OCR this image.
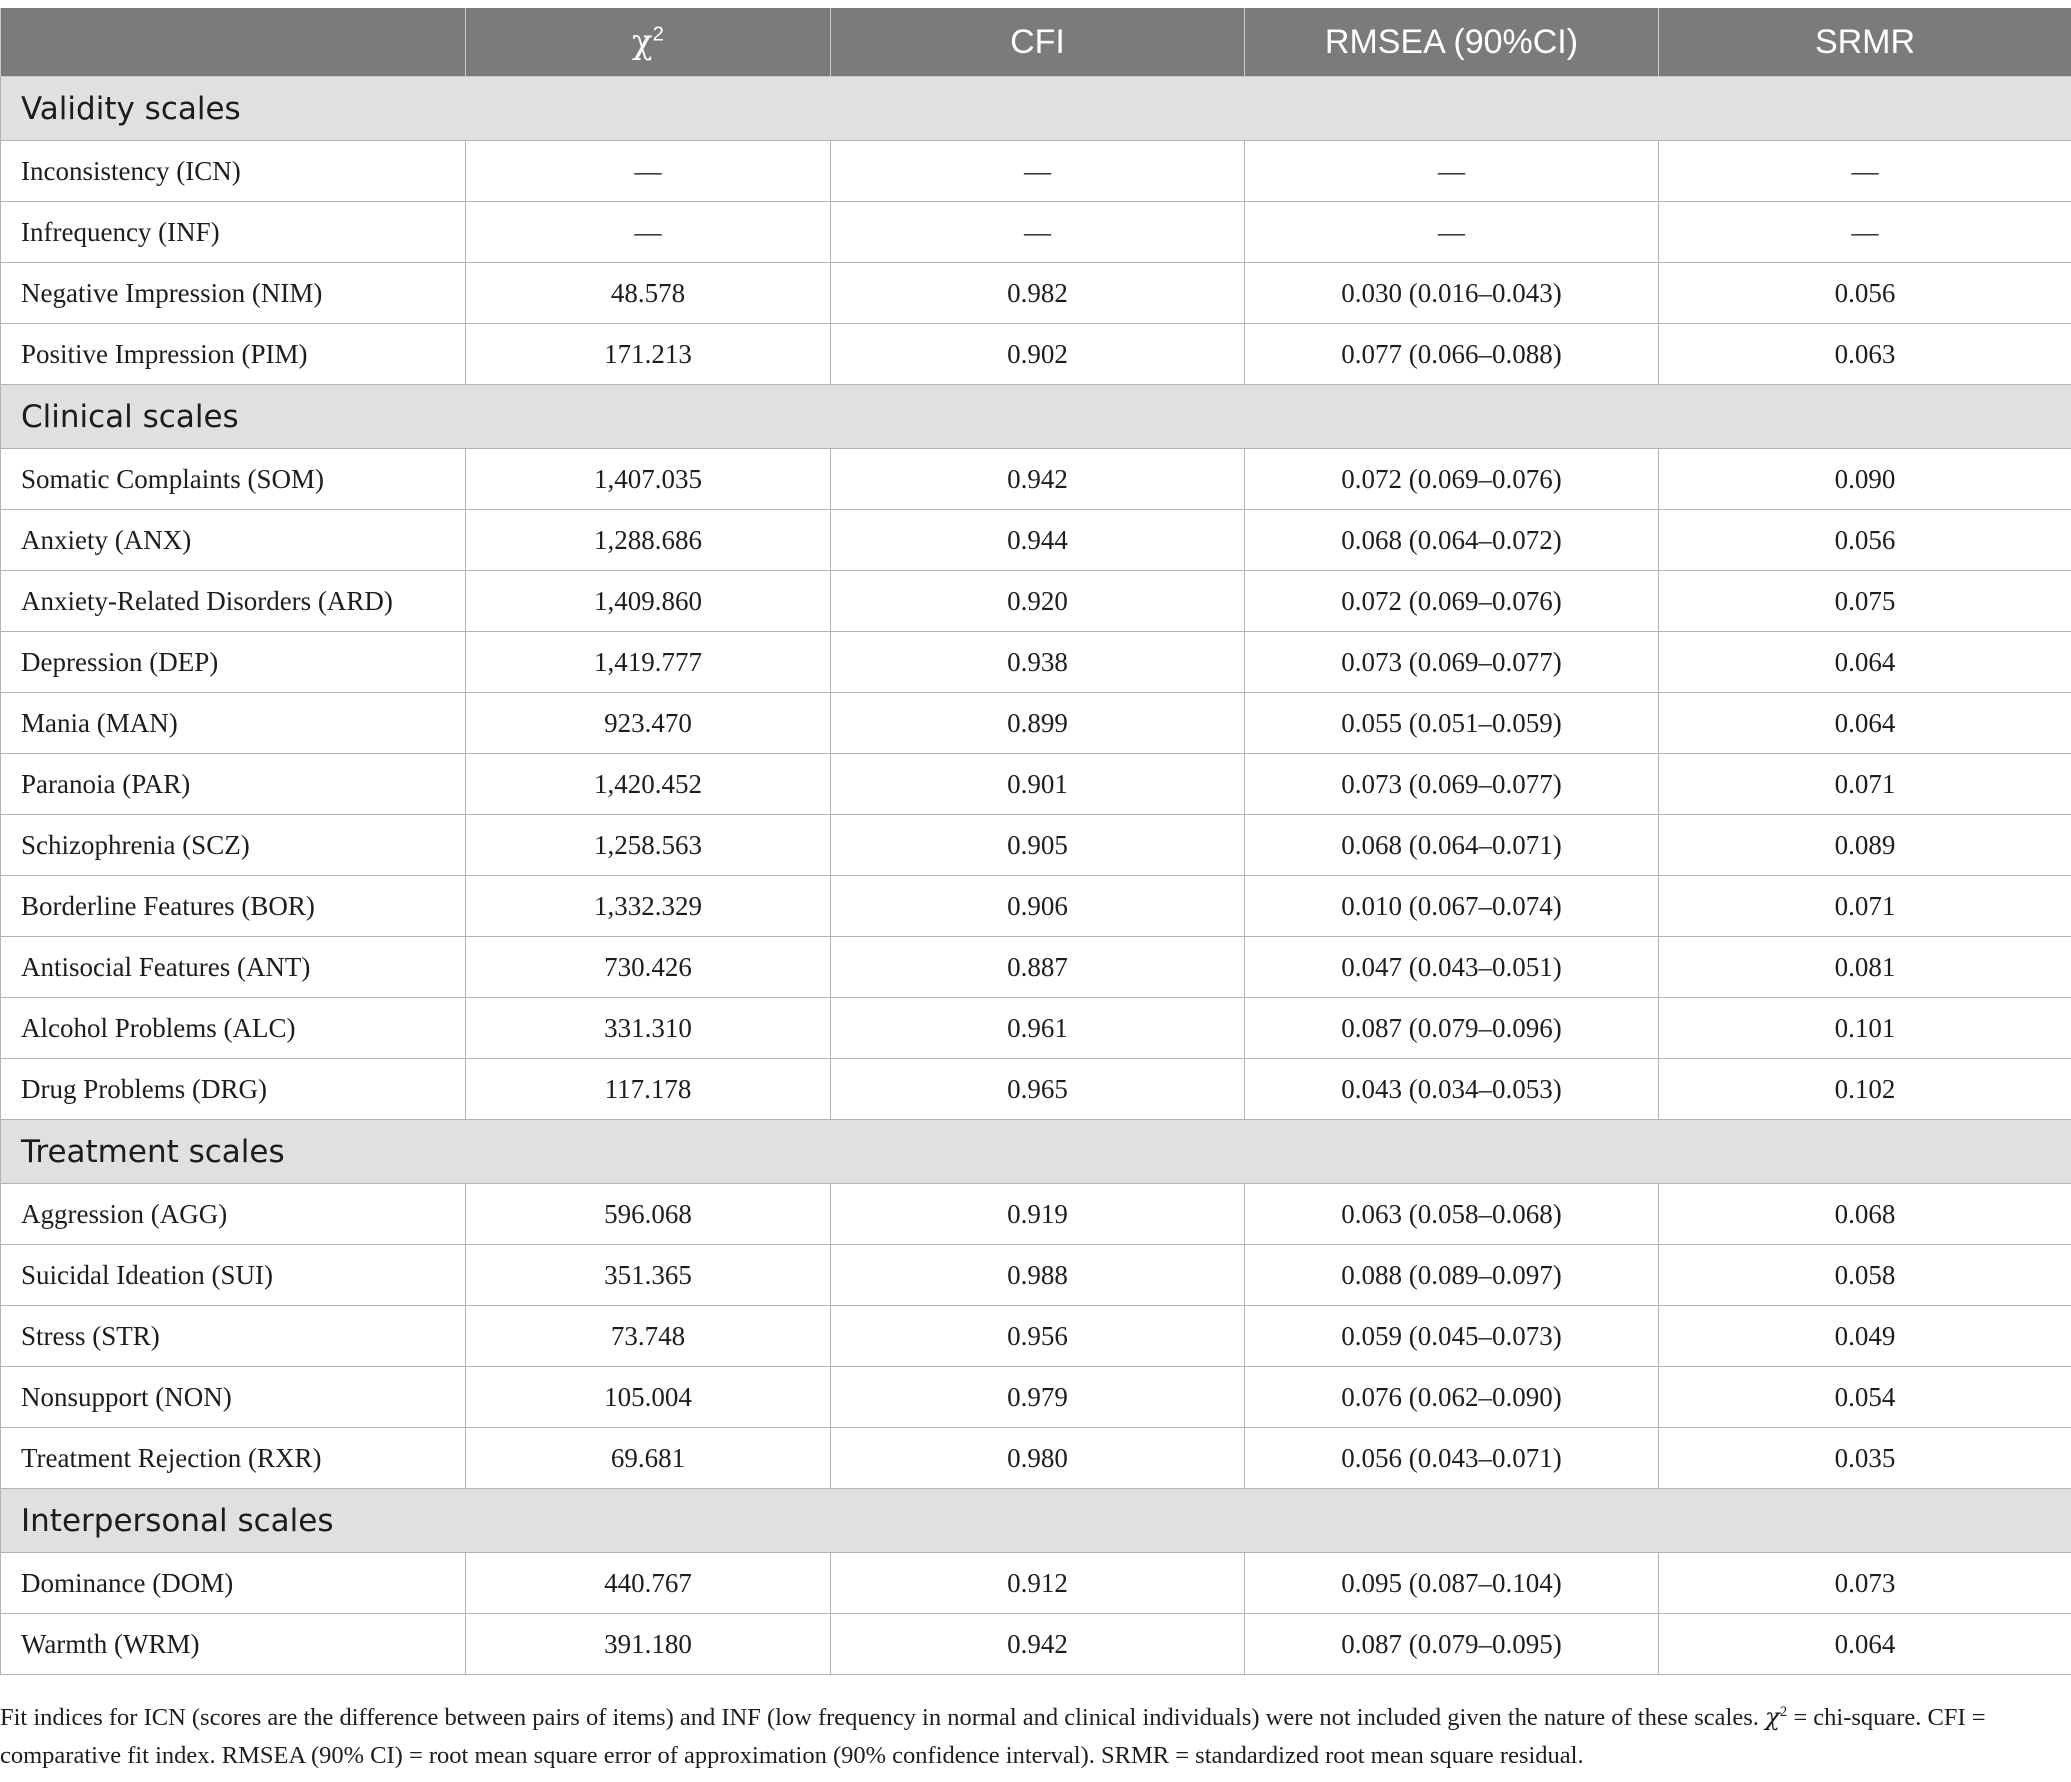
	$\chi^2$	CFI	RMSEA (90%CI)	SRMR
Validity scales				
Inconsistency (ICN)	—	—	—	—
Infrequency (INF)	—	—	—	—
Negative Impression (NIM)	48.578	0.982	0.030 (0.016–0.043)	0.056
Positive Impression (PIM)	171.213	0.902	0.077 (0.066–0.088)	0.063
Clinical scales				
Somatic Complaints (SOM)	1,407.035	0.942	0.072 (0.069–0.076)	0.090
Anxiety (ANX)	1,288.686	0.944	0.068 (0.064–0.072)	0.056
Anxiety-Related Disorders (ARD)	1,409.860	0.920	0.072 (0.069–0.076)	0.075
Depression (DEP)	1,419.777	0.938	0.073 (0.069–0.077)	0.064
Mania (MAN)	923.470	0.899	0.055 (0.051–0.059)	0.064
Paranoia (PAR)	1,420.452	0.901	0.073 (0.069–0.077)	0.071
Schizophrenia (SCZ)	1,258.563	0.905	0.068 (0.064–0.071)	0.089
Borderline Features (BOR)	1,332.329	0.906	0.010 (0.067–0.074)	0.071
Antisocial Features (ANT)	730.426	0.887	0.047 (0.043–0.051)	0.081
Alcohol Problems (ALC)	331.310	0.961	0.087 (0.079–0.096)	0.101
Drug Problems (DRG)	117.178	0.965	0.043 (0.034–0.053)	0.102
Treatment scales				
Aggression (AGG)	596.068	0.919	0.063 (0.058–0.068)	0.068
Suicidal Ideation (SUI)	351.365	0.988	0.088 (0.089–0.097)	0.058
Stress (STR)	73.748	0.956	0.059 (0.045–0.073)	0.049
Nonsupport (NON)	105.004	0.979	0.076 (0.062–0.090)	0.054
Treatment Rejection (RXR)	69.681	0.980	0.056 (0.043–0.071)	0.035
Interpersonal scales				
Dominance (DOM)	440.767	0.912	0.095 (0.087–0.104)	0.073
Warmth (WRM)	391.180	0.942	0.087 (0.079–0.095)	0.064
Fit indices for ICN (scores are the difference between pairs of items) and INF (low frequency in normal and clinical individuals) were not included given the nature of these scales. $\chi^2$ = chi-square. CFI = comparative fit index. RMSEA (90% CI) = root mean square error of approximation (90% confidence interval). SRMR = standardized root mean square residual.
